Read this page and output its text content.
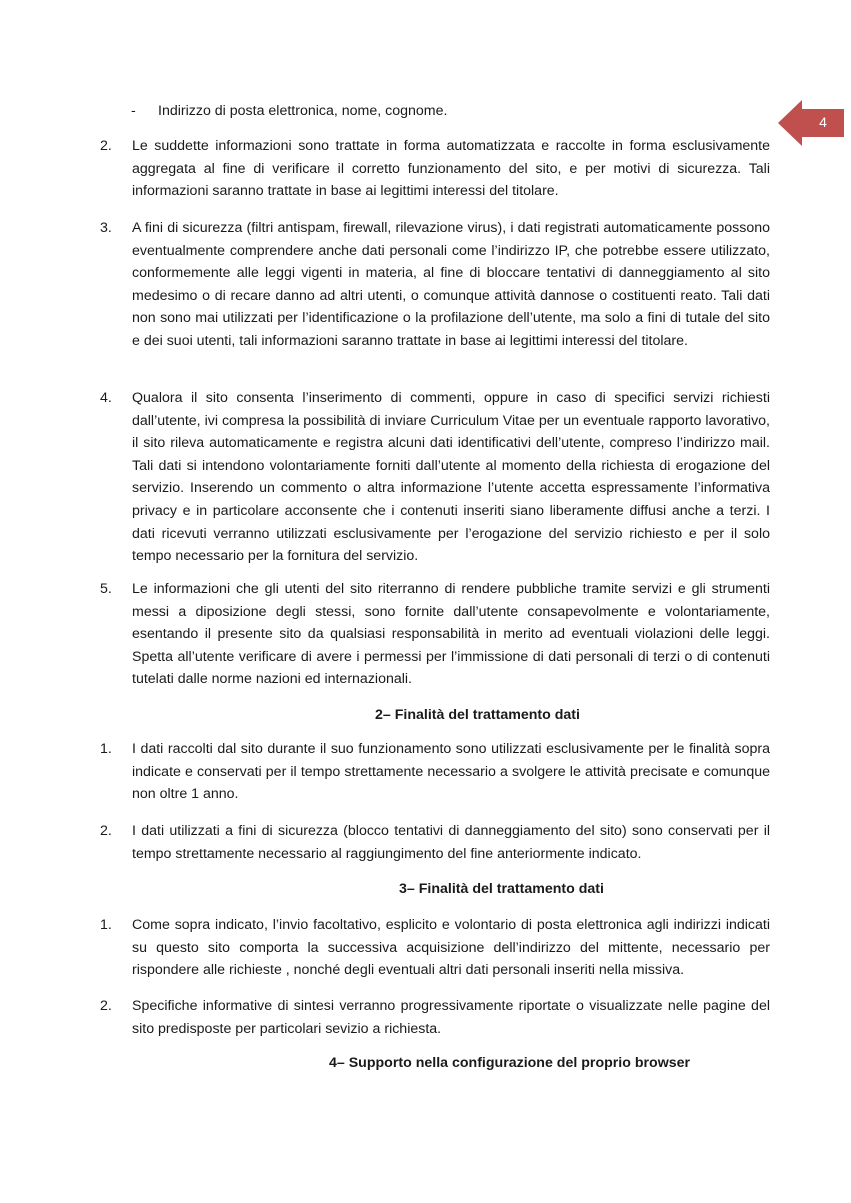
4
- Indirizzo di posta elettronica, nome, cognome.
2.	Le suddette informazioni sono trattate in forma automatizzata e raccolte in forma esclusivamente aggregata al fine di verificare il corretto funzionamento del sito, e per motivi di sicurezza. Tali informazioni saranno trattate in base ai legittimi interessi del titolare.
3.	A fini di sicurezza (filtri antispam, firewall, rilevazione virus), i dati registrati automaticamente possono eventualmente comprendere anche dati personali come l’indirizzo IP, che potrebbe essere utilizzato, conformemente alle leggi vigenti in materia, al fine di bloccare tentativi di danneggiamento al sito medesimo o di recare danno ad altri utenti, o comunque attività dannose o costituenti reato. Tali dati non sono mai utilizzati per l’identificazione o la profilazione dell’utente, ma solo a fini di tutale del sito e dei suoi utenti, tali informazioni saranno trattate in base ai legittimi interessi del titolare.
4.	Qualora il sito consenta l’inserimento di commenti, oppure in caso di specifici servizi richiesti dall’utente, ivi compresa la possibilità di inviare Curriculum Vitae per un eventuale rapporto lavorativo, il sito rileva automaticamente e registra alcuni dati identificativi dell’utente, compreso l’indirizzo mail. Tali dati si intendono volontariamente forniti dall’utente al momento della richiesta di erogazione del servizio. Inserendo un commento o altra informazione l’utente accetta espressamente l’informativa privacy e in particolare acconsente che i contenuti inseriti siano liberamente diffusi anche a terzi. I dati ricevuti verranno utilizzati esclusivamente per l’erogazione del servizio richiesto e per il solo tempo necessario per la fornitura del servizio.
5.	Le informazioni che gli utenti del sito riterranno di rendere pubbliche tramite servizi e gli strumenti messi a diposizione degli stessi, sono fornite dall’utente consapevolmente e volontariamente, esentando il presente sito da qualsiasi responsabilità in merito ad eventuali violazioni delle leggi. Spetta all’utente verificare di avere i permessi per l’immissione di dati personali di terzi o di contenuti tutelati dalle norme nazioni ed internazionali.
2– Finalità del trattamento dati
1.	I dati raccolti dal sito durante il suo funzionamento sono utilizzati esclusivamente per le finalità sopra indicate e conservati per il tempo strettamente necessario a svolgere le attività precisate e comunque non oltre 1 anno.
2.	I dati utilizzati a fini di sicurezza (blocco tentativi di danneggiamento del sito) sono conservati per il tempo strettamente necessario al raggiungimento del fine anteriormente indicato.
3– Finalità del trattamento dati
1.	Come sopra indicato, l’invio facoltativo, esplicito e volontario di posta elettronica agli indirizzi indicati su questo sito comporta la successiva acquisizione dell’indirizzo del mittente, necessario per rispondere alle richieste , nonché degli eventuali altri dati personali inseriti nella missiva.
2.	Specifiche informative di sintesi verranno progressivamente riportate o visualizzate nelle pagine del sito predisposte per particolari sevizio a richiesta.
4– Supporto nella configurazione del proprio browser
